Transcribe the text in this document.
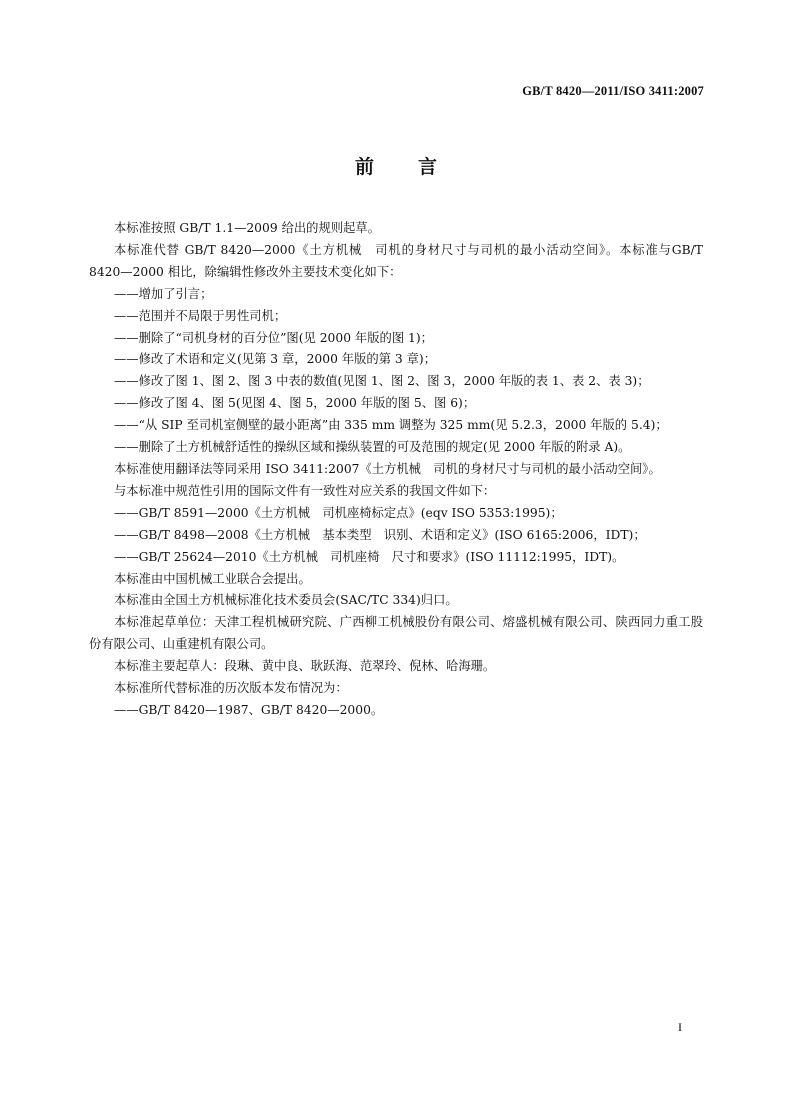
GB/T 8420—2011/ISO 3411:2007
前言

本标准按照 GB/T 1.1—2009 给出的规则起草。

本标准代替 GB/T 8420—2000《土方机械　司机的身材尺寸与司机的最小活动空间》。本标准与GB/T 8420—2000 相比，除编辑性修改外主要技术变化如下：

——增加了引言；

——范围并不局限于男性司机；

——删除了“司机身材的百分位”图(见 2000 年版的图 1)；

——修改了术语和定义(见第 3 章，2000 年版的第 3 章)；

——修改了图 1、图 2、图 3 中表的数值(见图 1、图 2、图 3，2000 年版的表 1、表 2、表 3)；

——修改了图 4、图 5(见图 4、图 5，2000 年版的图 5、图 6)；

——“从 SIP 至司机室侧壁的最小距离”由 335 mm 调整为 325 mm(见 5.2.3，2000 年版的 5.4)；

——删除了土方机械舒适性的操纵区域和操纵装置的可及范围的规定(见 2000 年版的附录 A)。

本标准使用翻译法等同采用 ISO 3411:2007《土方机械　司机的身材尺寸与司机的最小活动空间》。

与本标准中规范性引用的国际文件有一致性对应关系的我国文件如下：

——GB/T 8591—2000《土方机械　司机座椅标定点》(eqv ISO 5353:1995)；

——GB/T 8498—2008《土方机械　基本类型　识别、术语和定义》(ISO 6165:2006，IDT)；

——GB/T 25624—2010《土方机械　司机座椅　尺寸和要求》(ISO 11112:1995，IDT)。

本标准由中国机械工业联合会提出。

本标准由全国土方机械标准化技术委员会(SAC/TC 334)归口。

本标准起草单位：天津工程机械研究院、广西柳工机械股份有限公司、熔盛机械有限公司、陕西同力重工股份有限公司、山重建机有限公司。

本标准主要起草人：段琳、黄中良、耿跃海、范翠玲、倪林、哈海珊。

本标准所代替标准的历次版本发布情况为：

——GB/T 8420—1987、GB/T 8420—2000。

I
